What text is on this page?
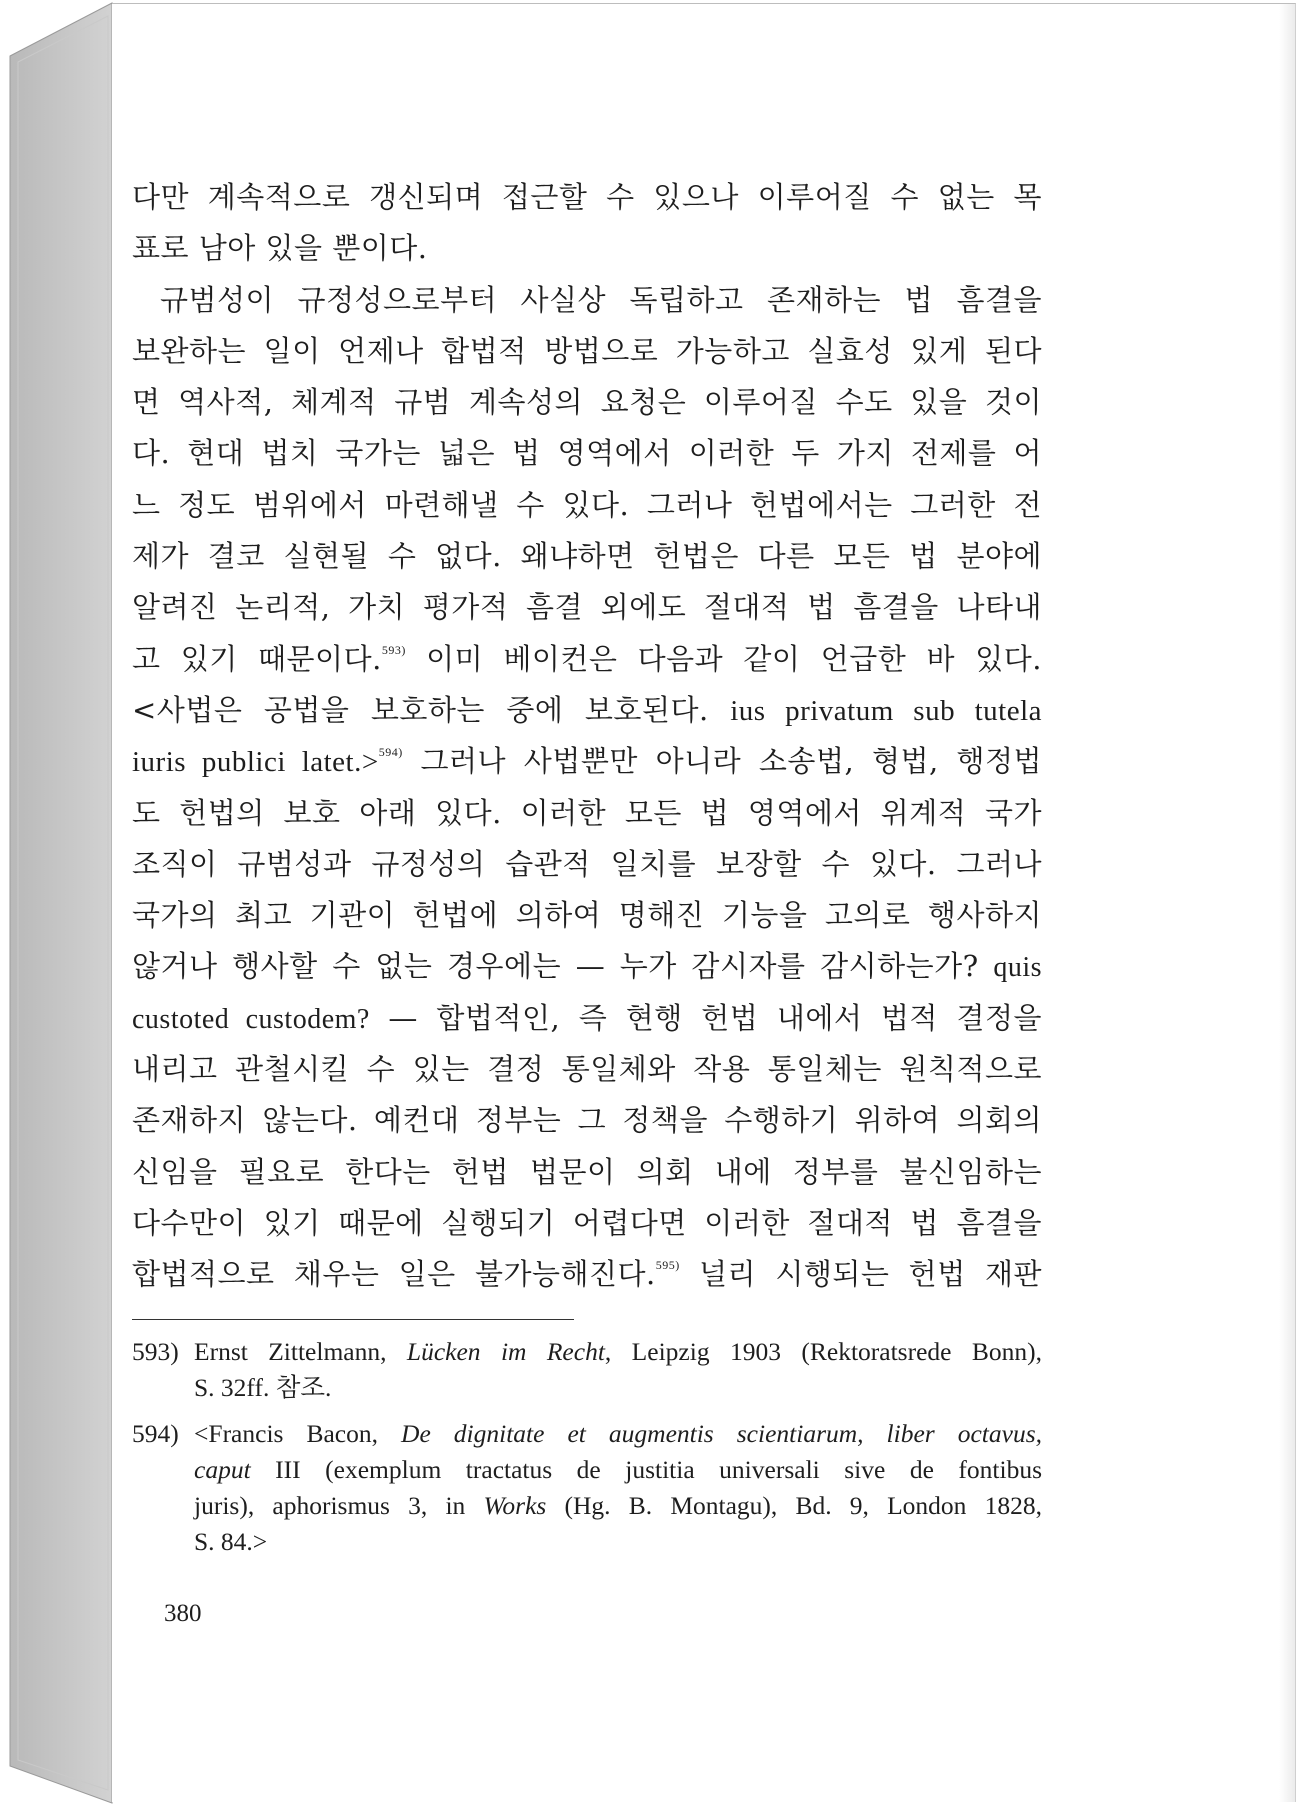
다만 계속적으로 갱신되며 접근할 수 있으나 이루어질 수 없는 목
표로 남아 있을 뿐이다.
규범성이 규정성으로부터 사실상 독립하고 존재하는 법 흠결을
보완하는 일이 언제나 합법적 방법으로 가능하고 실효성 있게 된다
면 역사적, 체계적 규범 계속성의 요청은 이루어질 수도 있을 것이
다. 현대 법치 국가는 넓은 법 영역에서 이러한 두 가지 전제를 어
느 정도 범위에서 마련해낼 수 있다. 그러나 헌법에서는 그러한 전
제가 결코 실현될 수 없다. 왜냐하면 헌법은 다른 모든 법 분야에
알려진 논리적, 가치 평가적 흠결 외에도 절대적 법 흠결을 나타내
고 있기 때문이다.$^{593)}$ 이미 베이컨은 다음과 같이 언급한 바 있다.
<사법은 공법을 보호하는 중에 보호된다. ius privatum sub tutela
iuris publici latet.>$^{594)}$ 그러나 사법뿐만 아니라 소송법, 형법, 행정법
도 헌법의 보호 아래 있다. 이러한 모든 법 영역에서 위계적 국가
조직이 규범성과 규정성의 습관적 일치를 보장할 수 있다. 그러나
국가의 최고 기관이 헌법에 의하여 명해진 기능을 고의로 행사하지
않거나 행사할 수 없는 경우에는 — 누가 감시자를 감시하는가? quis
custoted custodem? — 합법적인, 즉 현행 헌법 내에서 법적 결정을
내리고 관철시킬 수 있는 결정 통일체와 작용 통일체는 원칙적으로
존재하지 않는다. 예컨대 정부는 그 정책을 수행하기 위하여 의회의
신임을 필요로 한다는 헌법 법문이 의회 내에 정부를 불신임하는
다수만이 있기 때문에 실행되기 어렵다면 이러한 절대적 법 흠결을
합법적으로 채우는 일은 불가능해진다.$^{595)}$ 널리 시행되는 헌법 재판
593) Ernst Zittelmann, Lücken im Recht, Leipzig 1903 (Rektoratsrede Bonn),
S. 32ff. 참조.
594) <Francis Bacon, De dignitate et augmentis scientiarum, liber octavus,
caput III (exemplum tractatus de justitia universali sive de fontibus
juris), aphorismus 3, in Works (Hg. B. Montagu), Bd. 9, London 1828,
S. 84.>
380
